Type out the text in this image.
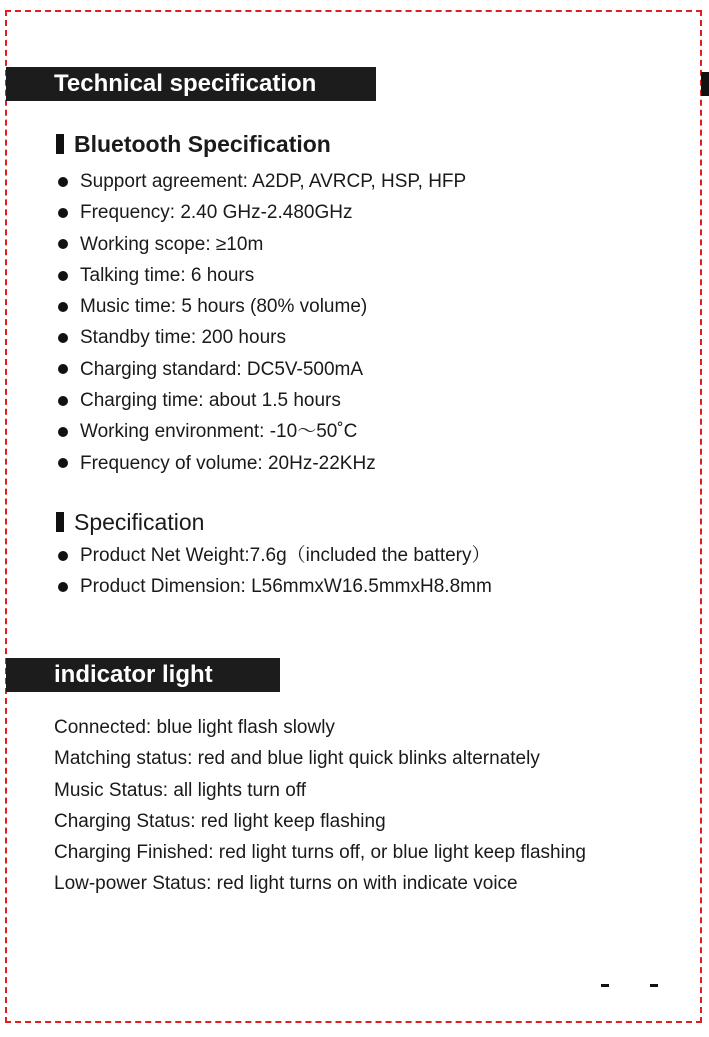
Technical specification
Bluetooth Specification
Support agreement: A2DP, AVRCP, HSP, HFP
Frequency: 2.40 GHz-2.480GHz
Working scope: ≥10m
Talking time: 6 hours
Music time: 5 hours (80% volume)
Standby time: 200 hours
Charging standard: DC5V-500mA
Charging time: about 1.5 hours
Working environment: -10～50˚C
Frequency of volume: 20Hz-22KHz
Specification
Product Net Weight:7.6g（included the battery）
Product Dimension: L56mmxW16.5mmxH8.8mm
indicator light
Connected: blue light flash slowly
Matching status: red and blue light quick blinks alternately
Music Status: all lights turn off
Charging Status: red light keep flashing
Charging Finished: red light turns off, or blue light keep flashing
Low-power Status: red light turns on with indicate voice
